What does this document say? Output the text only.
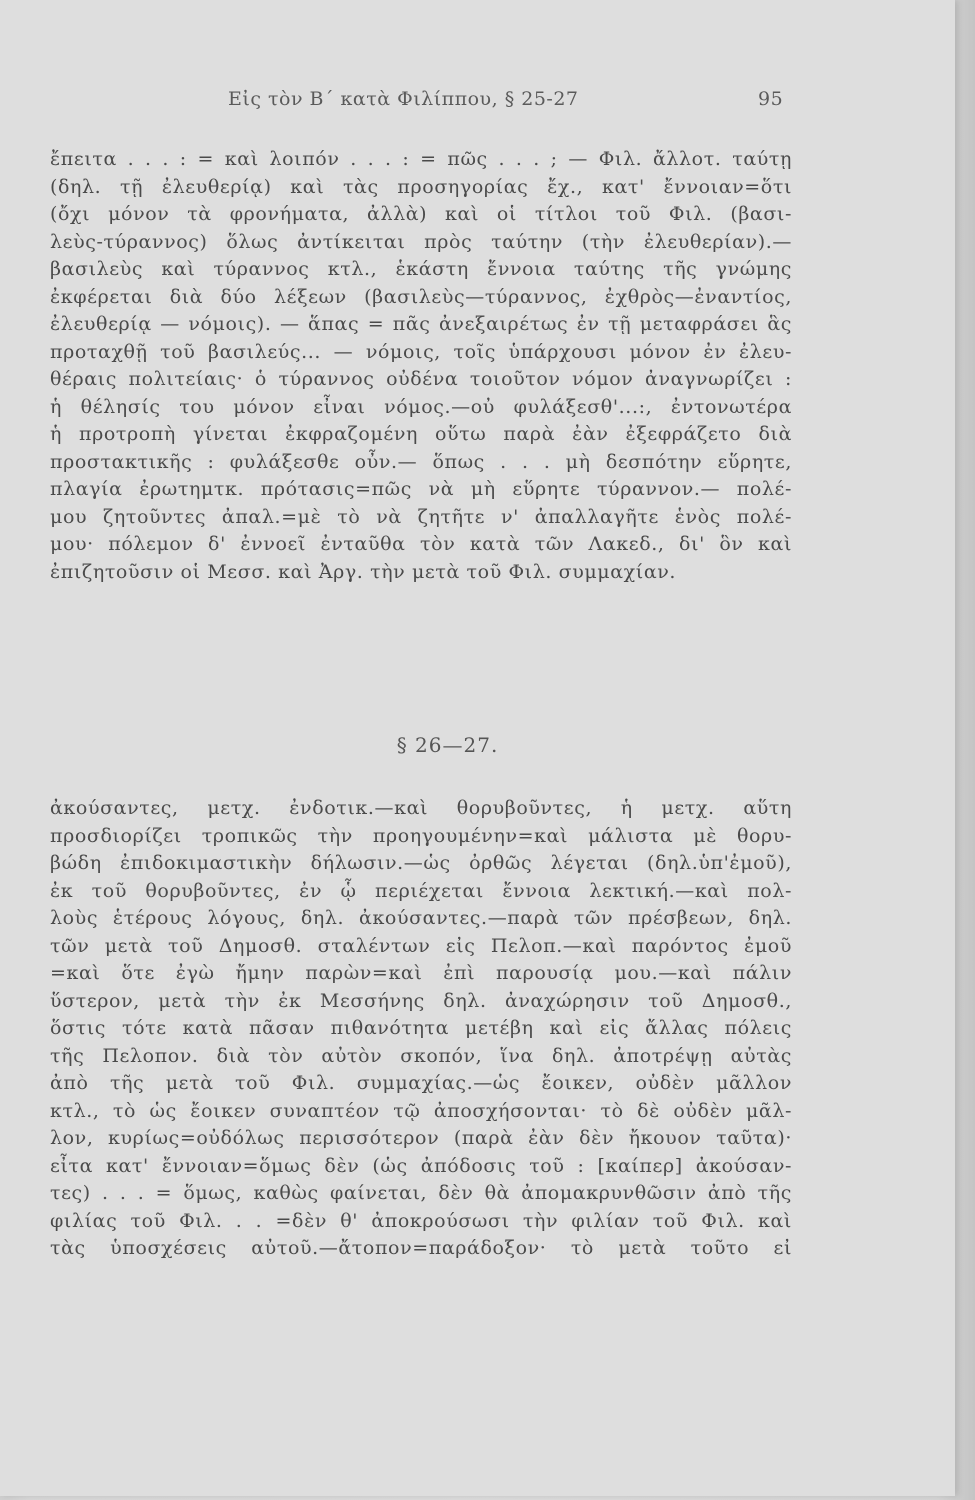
Εἰς τὸν Β΄ κατὰ Φιλίππου, § 25-27	95
ἔπειτα . . . : = καὶ λοιπόν . . . : = πῶς . . . ; — Φιλ. ἄλλοτ. ταύτῃ
(δηλ. τῇ ἐλευθερίᾳ) καὶ τὰς προσηγορίας ἔχ., κατ' ἔννοιαν=ὅτι
(ὄχι μόνον τὰ φρονήματα, ἀλλὰ) καὶ οἱ τίτλοι τοῦ Φιλ. (βασι-
λεὺς-τύραννος) ὅλως ἀντίκειται πρὸς ταύτην (τὴν ἐλευθερίαν).—
βασιλεὺς καὶ τύραννος κτλ., ἑκάστη ἔννοια ταύτης τῆς γνώμης
ἐκφέρεται διὰ δύο λέξεων (βασιλεὺς—τύραννος, ἐχθρὸς—ἐναντίος,
ἐλευθερίᾳ — νόμοις). — ἅπας = πᾶς ἀνεξαιρέτως ἐν τῇ μεταφράσει ἃς
προταχθῇ τοῦ βασιλεύς... — νόμοις, τοῖς ὑπάρχουσι μόνον ἐν ἐλευ-
θέραις πολιτείαις· ὁ τύραννος οὐδένα τοιοῦτον νόμον ἀναγνωρίζει :
ἡ θέλησίς του μόνον εἶναι νόμος.—οὐ φυλάξεσθ'...:, ἐντονωτέρα
ἡ προτροπὴ γίνεται ἐκφραζομένη οὕτω παρὰ ἐὰν ἐξεφράζετο διὰ
προστακτικῆς : φυλάξεσθε οὖν.— ὅπως . . . μὴ δεσπότην εὕρητε,
πλαγία ἐρωτημτκ. πρότασις=πῶς νὰ μὴ εὕρητε τύραννον.— πολέ-
μου ζητοῦντες ἀπαλ.=μὲ τὸ νὰ ζητῆτε ν' ἀπαλλαγῆτε ἑνὸς πολέ-
μου· πόλεμον δ' ἐννοεῖ ἐνταῦθα τὸν κατὰ τῶν Λακεδ., δι' ὃν καὶ
ἐπιζητοῦσιν οἱ Μεσσ. καὶ Ἀργ. τὴν μετὰ τοῦ Φιλ. συμμαχίαν.
§ 26—27.
ἀκούσαντες, μετχ. ἐνδοτικ.—καὶ θορυβοῦντες, ἡ μετχ. αὕτη
προσδιορίζει τροπικῶς τὴν προηγουμένην=καὶ μάλιστα μὲ θορυ-
βώδη ἐπιδοκιμαστικὴν δήλωσιν.—ὡς ὀρθῶς λέγεται (δηλ.ὑπ'ἐμοῦ),
ἐκ τοῦ θορυβοῦντες, ἐν ᾧ περιέχεται ἔννοια λεκτική.—καὶ πολ-
λοὺς ἑτέρους λόγους, δηλ. ἀκούσαντες.—παρὰ τῶν πρέσβεων, δηλ.
τῶν μετὰ τοῦ Δημοσθ. σταλέντων εἰς Πελοπ.—καὶ παρόντος ἐμοῦ
=καὶ ὅτε ἐγὼ ἤμην παρὼν=καὶ ἐπὶ παρουσίᾳ μου.—καὶ πάλιν
ὕστερον, μετὰ τὴν ἐκ Μεσσήνης δηλ. ἀναχώρησιν τοῦ Δημοσθ.,
ὅστις τότε κατὰ πᾶσαν πιθανότητα μετέβη καὶ εἰς ἄλλας πόλεις
τῆς Πελοπον. διὰ τὸν αὐτὸν σκοπόν, ἵνα δηλ. ἀποτρέψῃ αὐτὰς
ἀπὸ τῆς μετὰ τοῦ Φιλ. συμμαχίας.—ὡς ἔοικεν, οὐδὲν μᾶλλον
κτλ., τὸ ὡς ἔοικεν συναπτέον τῷ ἀποσχήσονται· τὸ δὲ οὐδὲν μᾶλ-
λον, κυρίως=οὐδόλως περισσότερον (παρὰ ἐὰν δὲν ἤκουον ταῦτα)·
εἶτα κατ' ἔννοιαν=ὅμως δὲν (ὡς ἀπόδοσις τοῦ : [καίπερ] ἀκούσαν-
τες) . . . = ὅμως, καθὼς φαίνεται, δὲν θὰ ἀπομακρυνθῶσιν ἀπὸ τῆς
φιλίας τοῦ Φιλ. . . =δὲν θ' ἀποκρούσωσι τὴν φιλίαν τοῦ Φιλ. καὶ
τὰς ὑποσχέσεις αὐτοῦ.—ἄτοπον=παράδοξον· τὸ μετὰ τοῦτο εἰ
